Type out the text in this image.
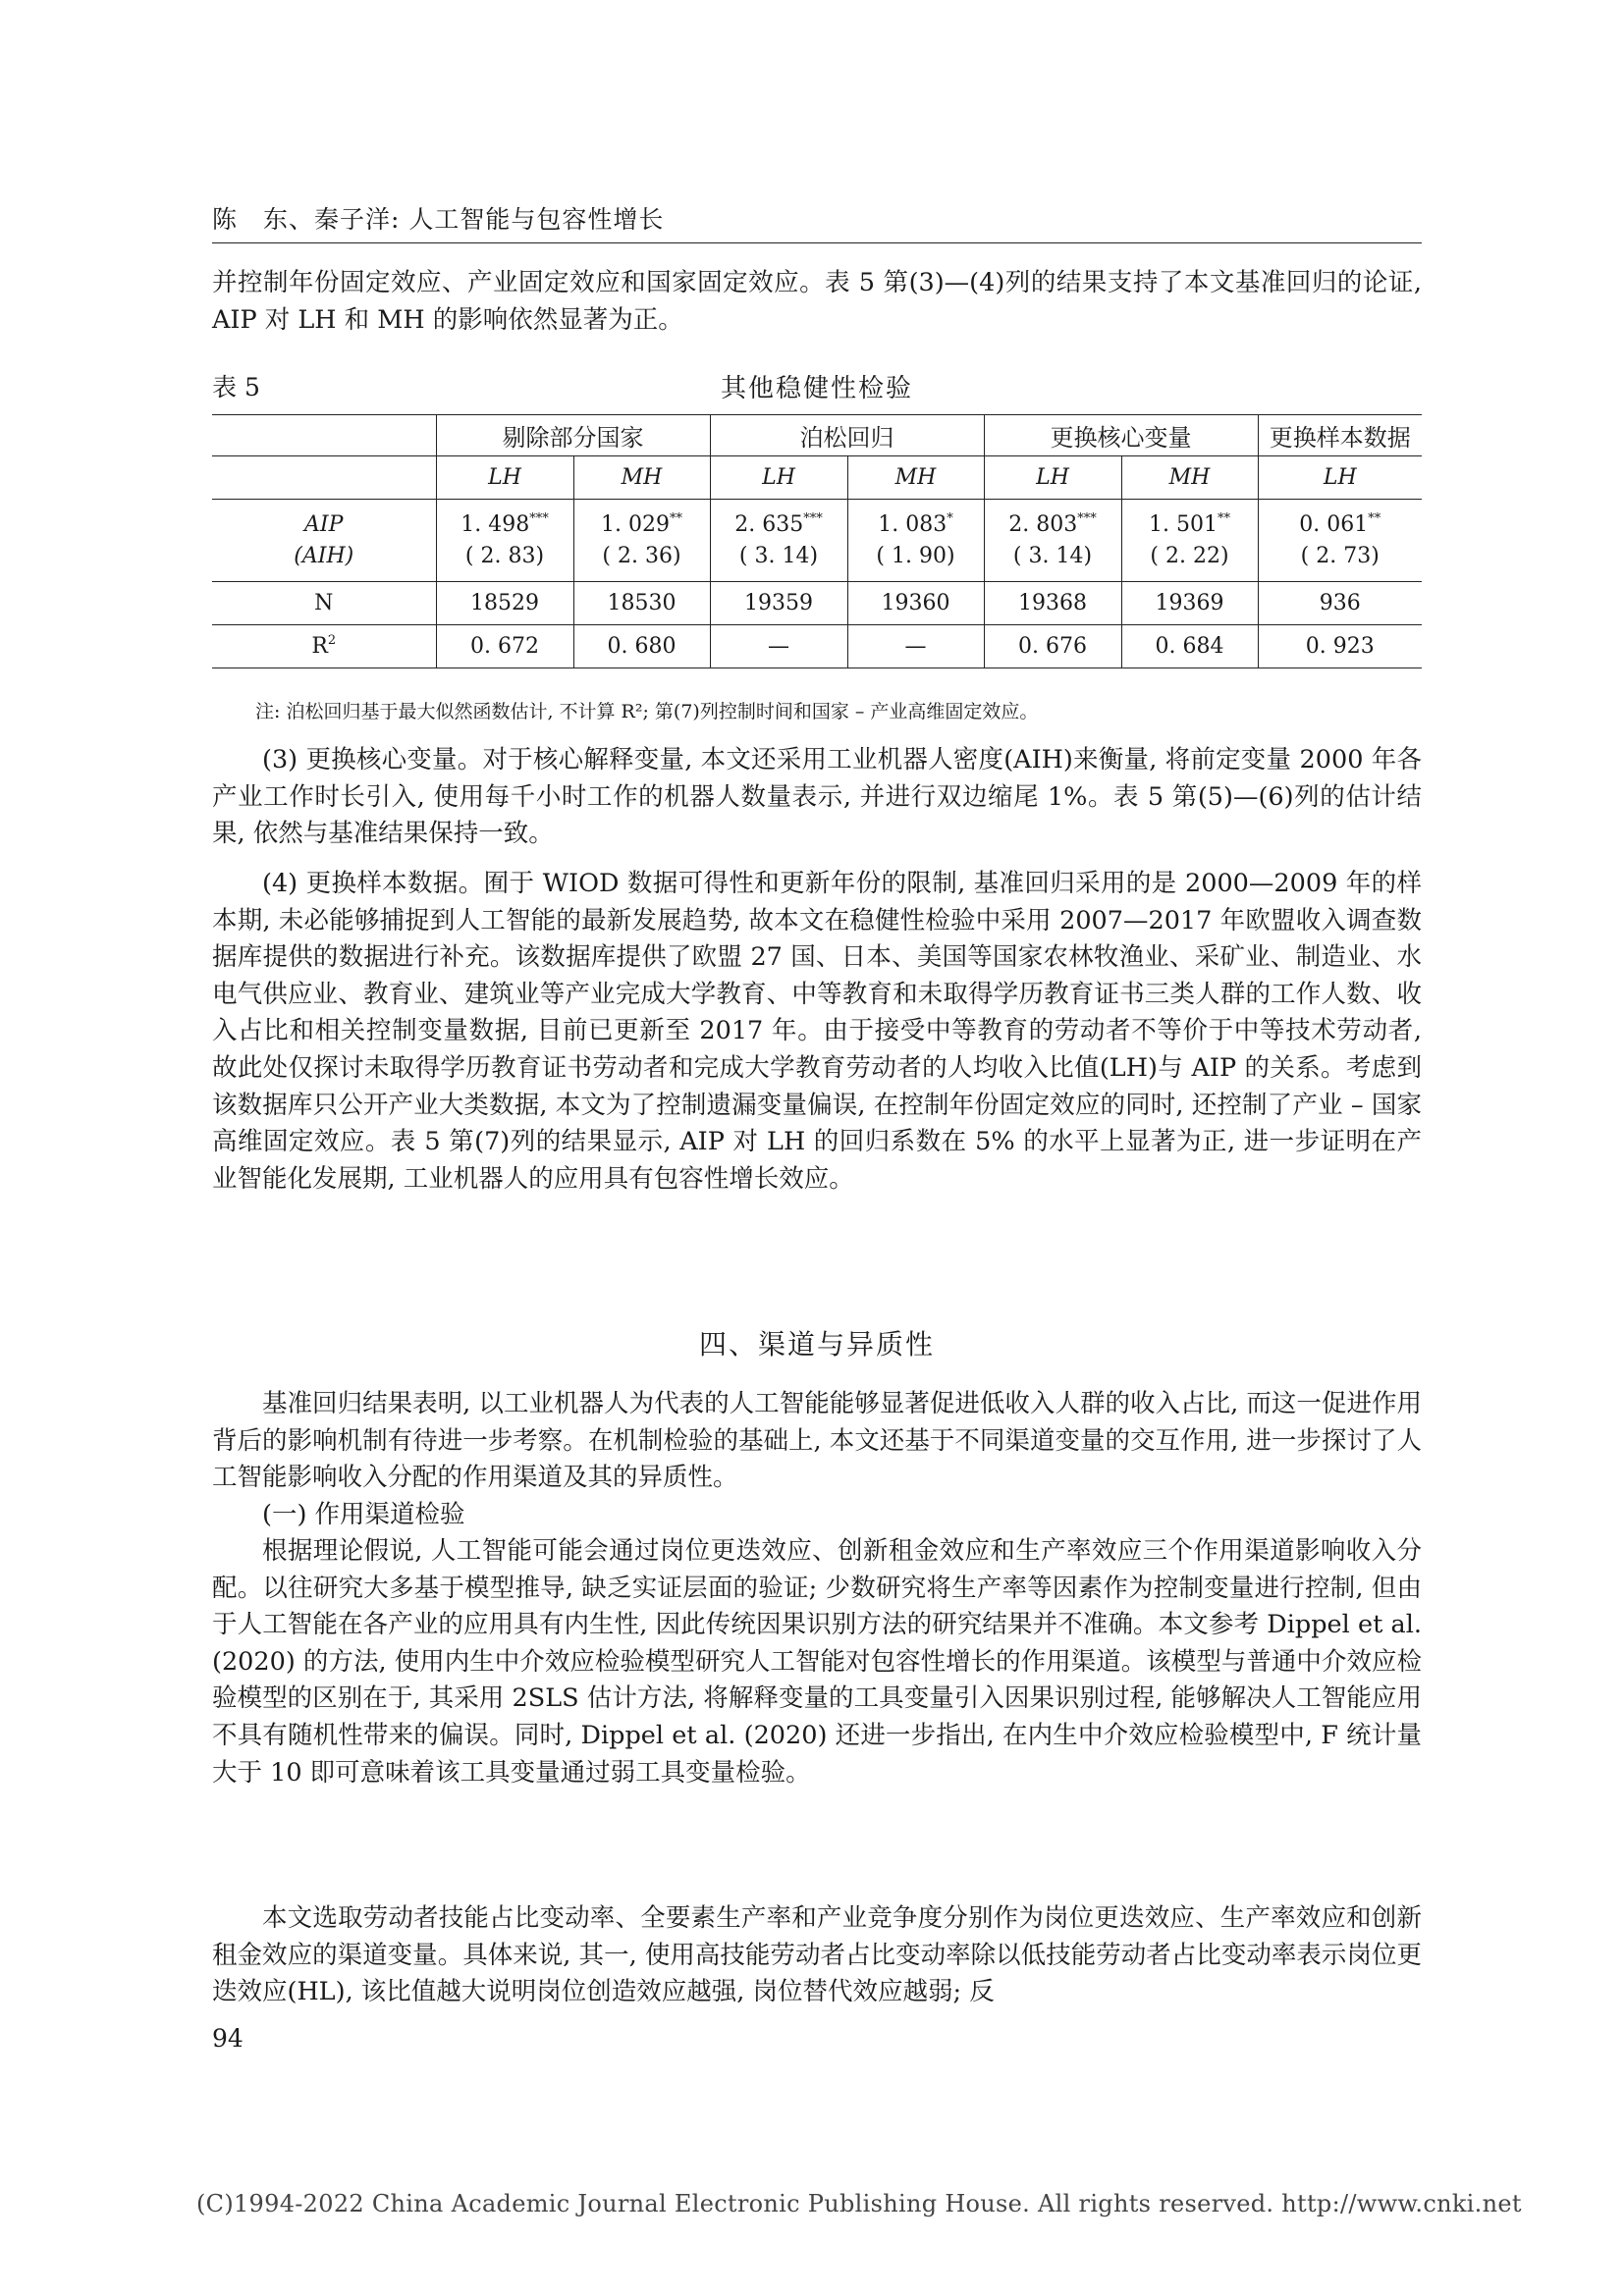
陈　东、秦子洋: 人工智能与包容性增长

并控制年份固定效应、产业固定效应和国家固定效应。表 5 第(3)—(4)列的结果支持了本文基准回归的论证, AIP 对 LH 和 MH 的影响依然显著为正。

表 5	其他稳健性检验
	剔除部分国家		泊松回归		更换核心变量		更换样本数据
	LH	MH	LH	MH	LH	MH	LH
AIP	1. 498***	1. 029**	2. 635***	1. 083*	2. 803***	1. 501**	0. 061**
(AIH)	( 2. 83)	( 2. 36)	( 3. 14)	( 1. 90)	( 3. 14)	( 2. 22)	( 2. 73)
N	18529	18530	19359	19360	19368	19369	936
$R^2$	0. 672	0. 680	—	—	0. 676	0. 684	0. 923
注: 泊松回归基于最大似然函数估计, 不计算 R²; 第(7)列控制时间和国家 – 产业高维固定效应。

(3) 更换核心变量。对于核心解释变量, 本文还采用工业机器人密度(AIH)来衡量, 将前定变量 2000 年各产业工作时长引入, 使用每千小时工作的机器人数量表示, 并进行双边缩尾 1%。表 5 第(5)—(6)列的估计结果, 依然与基准结果保持一致。

(4) 更换样本数据。囿于 WIOD 数据可得性和更新年份的限制, 基准回归采用的是 2000—2009 年的样本期, 未必能够捕捉到人工智能的最新发展趋势, 故本文在稳健性检验中采用 2007—2017 年欧盟收入调查数据库提供的数据进行补充。该数据库提供了欧盟 27 国、日本、美国等国家农林牧渔业、采矿业、制造业、水电气供应业、教育业、建筑业等产业完成大学教育、中等教育和未取得学历教育证书三类人群的工作人数、收入占比和相关控制变量数据, 目前已更新至 2017 年。由于接受中等教育的劳动者不等价于中等技术劳动者, 故此处仅探讨未取得学历教育证书劳动者和完成大学教育劳动者的人均收入比值(LH)与 AIP 的关系。考虑到该数据库只公开产业大类数据, 本文为了控制遗漏变量偏误, 在控制年份固定效应的同时, 还控制了产业 – 国家高维固定效应。表 5 第(7)列的结果显示, AIP 对 LH 的回归系数在 5% 的水平上显著为正, 进一步证明在产业智能化发展期, 工业机器人的应用具有包容性增长效应。

四、渠道与异质性

基准回归结果表明, 以工业机器人为代表的人工智能能够显著促进低收入人群的收入占比, 而这一促进作用背后的影响机制有待进一步考察。在机制检验的基础上, 本文还基于不同渠道变量的交互作用, 进一步探讨了人工智能影响收入分配的作用渠道及其的异质性。

(一) 作用渠道检验

根据理论假说, 人工智能可能会通过岗位更迭效应、创新租金效应和生产率效应三个作用渠道影响收入分配。以往研究大多基于模型推导, 缺乏实证层面的验证; 少数研究将生产率等因素作为控制变量进行控制, 但由于人工智能在各产业的应用具有内生性, 因此传统因果识别方法的研究结果并不准确。本文参考 Dippel et al. (2020) 的方法, 使用内生中介效应检验模型研究人工智能对包容性增长的作用渠道。该模型与普通中介效应检验模型的区别在于, 其采用 2SLS 估计方法, 将解释变量的工具变量引入因果识别过程, 能够解决人工智能应用不具有随机性带来的偏误。同时, Dippel et al. (2020) 还进一步指出, 在内生中介效应检验模型中, F 统计量大于 10 即可意味着该工具变量通过弱工具变量检验。

本文选取劳动者技能占比变动率、全要素生产率和产业竞争度分别作为岗位更迭效应、生产率效应和创新租金效应的渠道变量。具体来说, 其一, 使用高技能劳动者占比变动率除以低技能劳动者占比变动率表示岗位更迭效应(HL), 该比值越大说明岗位创造效应越强, 岗位替代效应越弱; 反

94
(C)1994-2022 China Academic Journal Electronic Publishing House. All rights reserved. http://www.cnki.net
